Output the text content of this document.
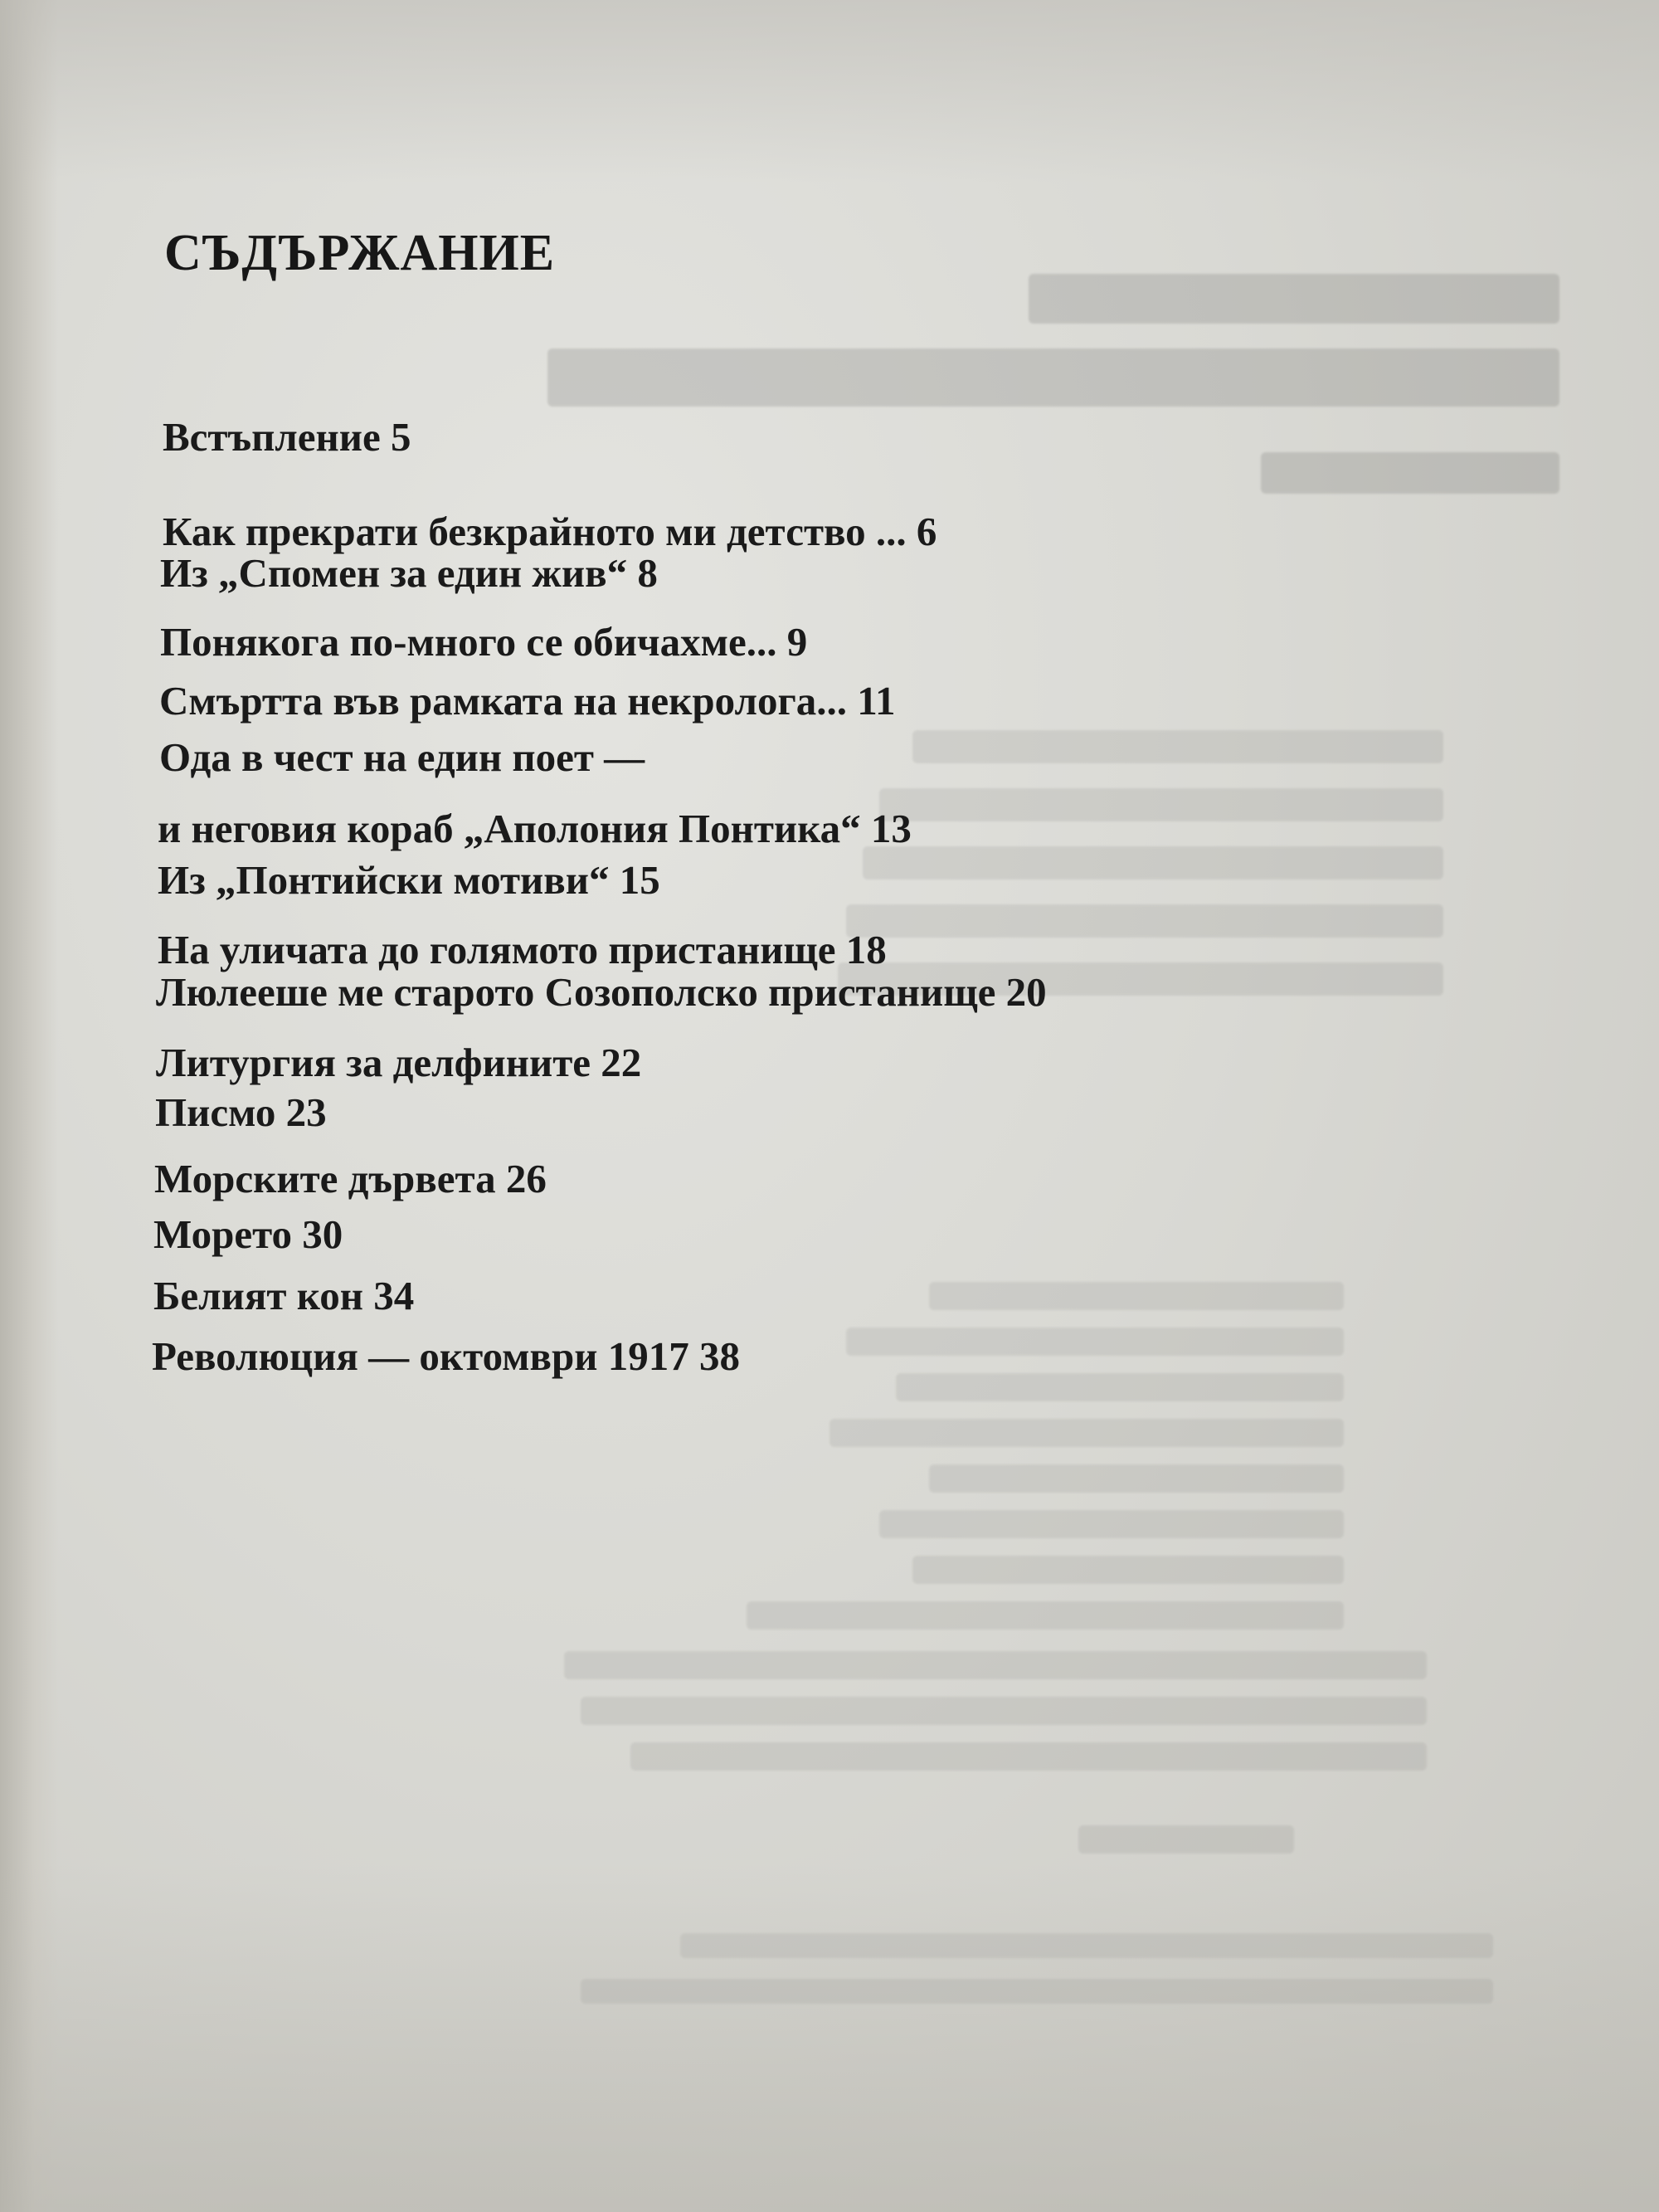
СЪДЪРЖАНИЕ
Встъпление 5
Как прекрати безкрайното ми детство ... 6
Из „Спомен за един жив“ 8
Понякога по-много се обичахме... 9
Смъртта във рамката на некролога... 11
Ода в чест на един поет —
и неговия кораб „Аполония Понтика“ 13
Из „Понтийски мотиви“ 15
На уличата до голямото пристанище 18
Люлееше ме старото Созополско пристанище 20
Литургия за делфините 22
Писмо 23
Морските дървета 26
Морето 30
Белият кон 34
Революция — октомври 1917 38
